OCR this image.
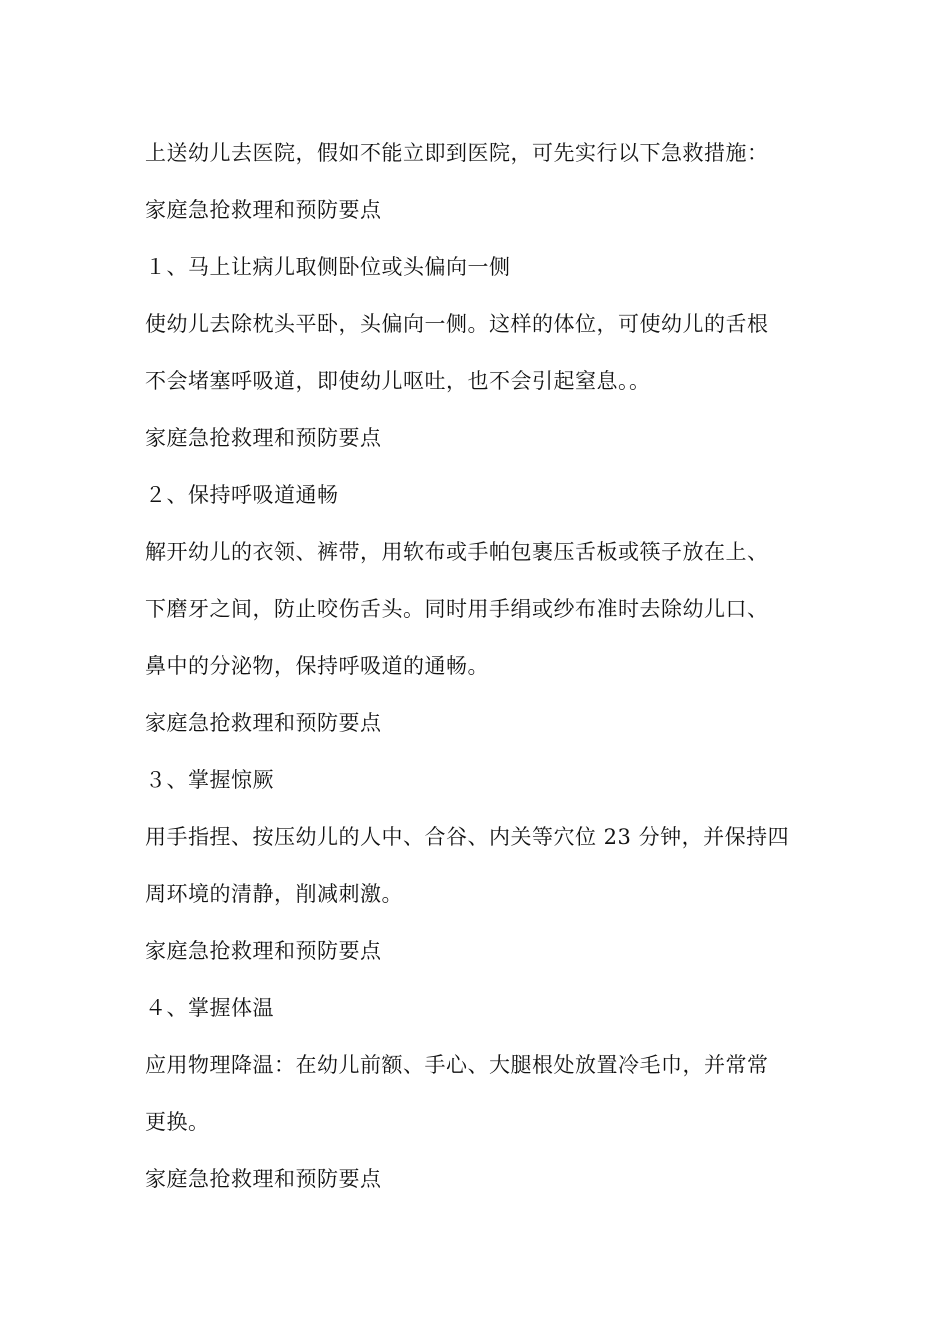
上送幼儿去医院，假如不能立即到医院，可先实行以下急救措施：
家庭急抢救理和预防要点
１、马上让病儿取侧卧位或头偏向一侧
使幼儿去除枕头平卧，头偏向一侧。这样的体位，可使幼儿的舌根
不会堵塞呼吸道，即使幼儿呕吐，也不会引起窒息。。
家庭急抢救理和预防要点
２、保持呼吸道通畅
解开幼儿的衣领、裤带，用软布或手帕包裹压舌板或筷子放在上、
下磨牙之间，防止咬伤舌头。同时用手绢或纱布准时去除幼儿口、
鼻中的分泌物，保持呼吸道的通畅。
家庭急抢救理和预防要点
３、掌握惊厥
用手指捏、按压幼儿的人中、合谷、内关等穴位 23 分钟，并保持四
周环境的清静，削减刺激。
家庭急抢救理和预防要点
４、掌握体温
应用物理降温：在幼儿前额、手心、大腿根处放置冷毛巾，并常常
更换。
家庭急抢救理和预防要点
